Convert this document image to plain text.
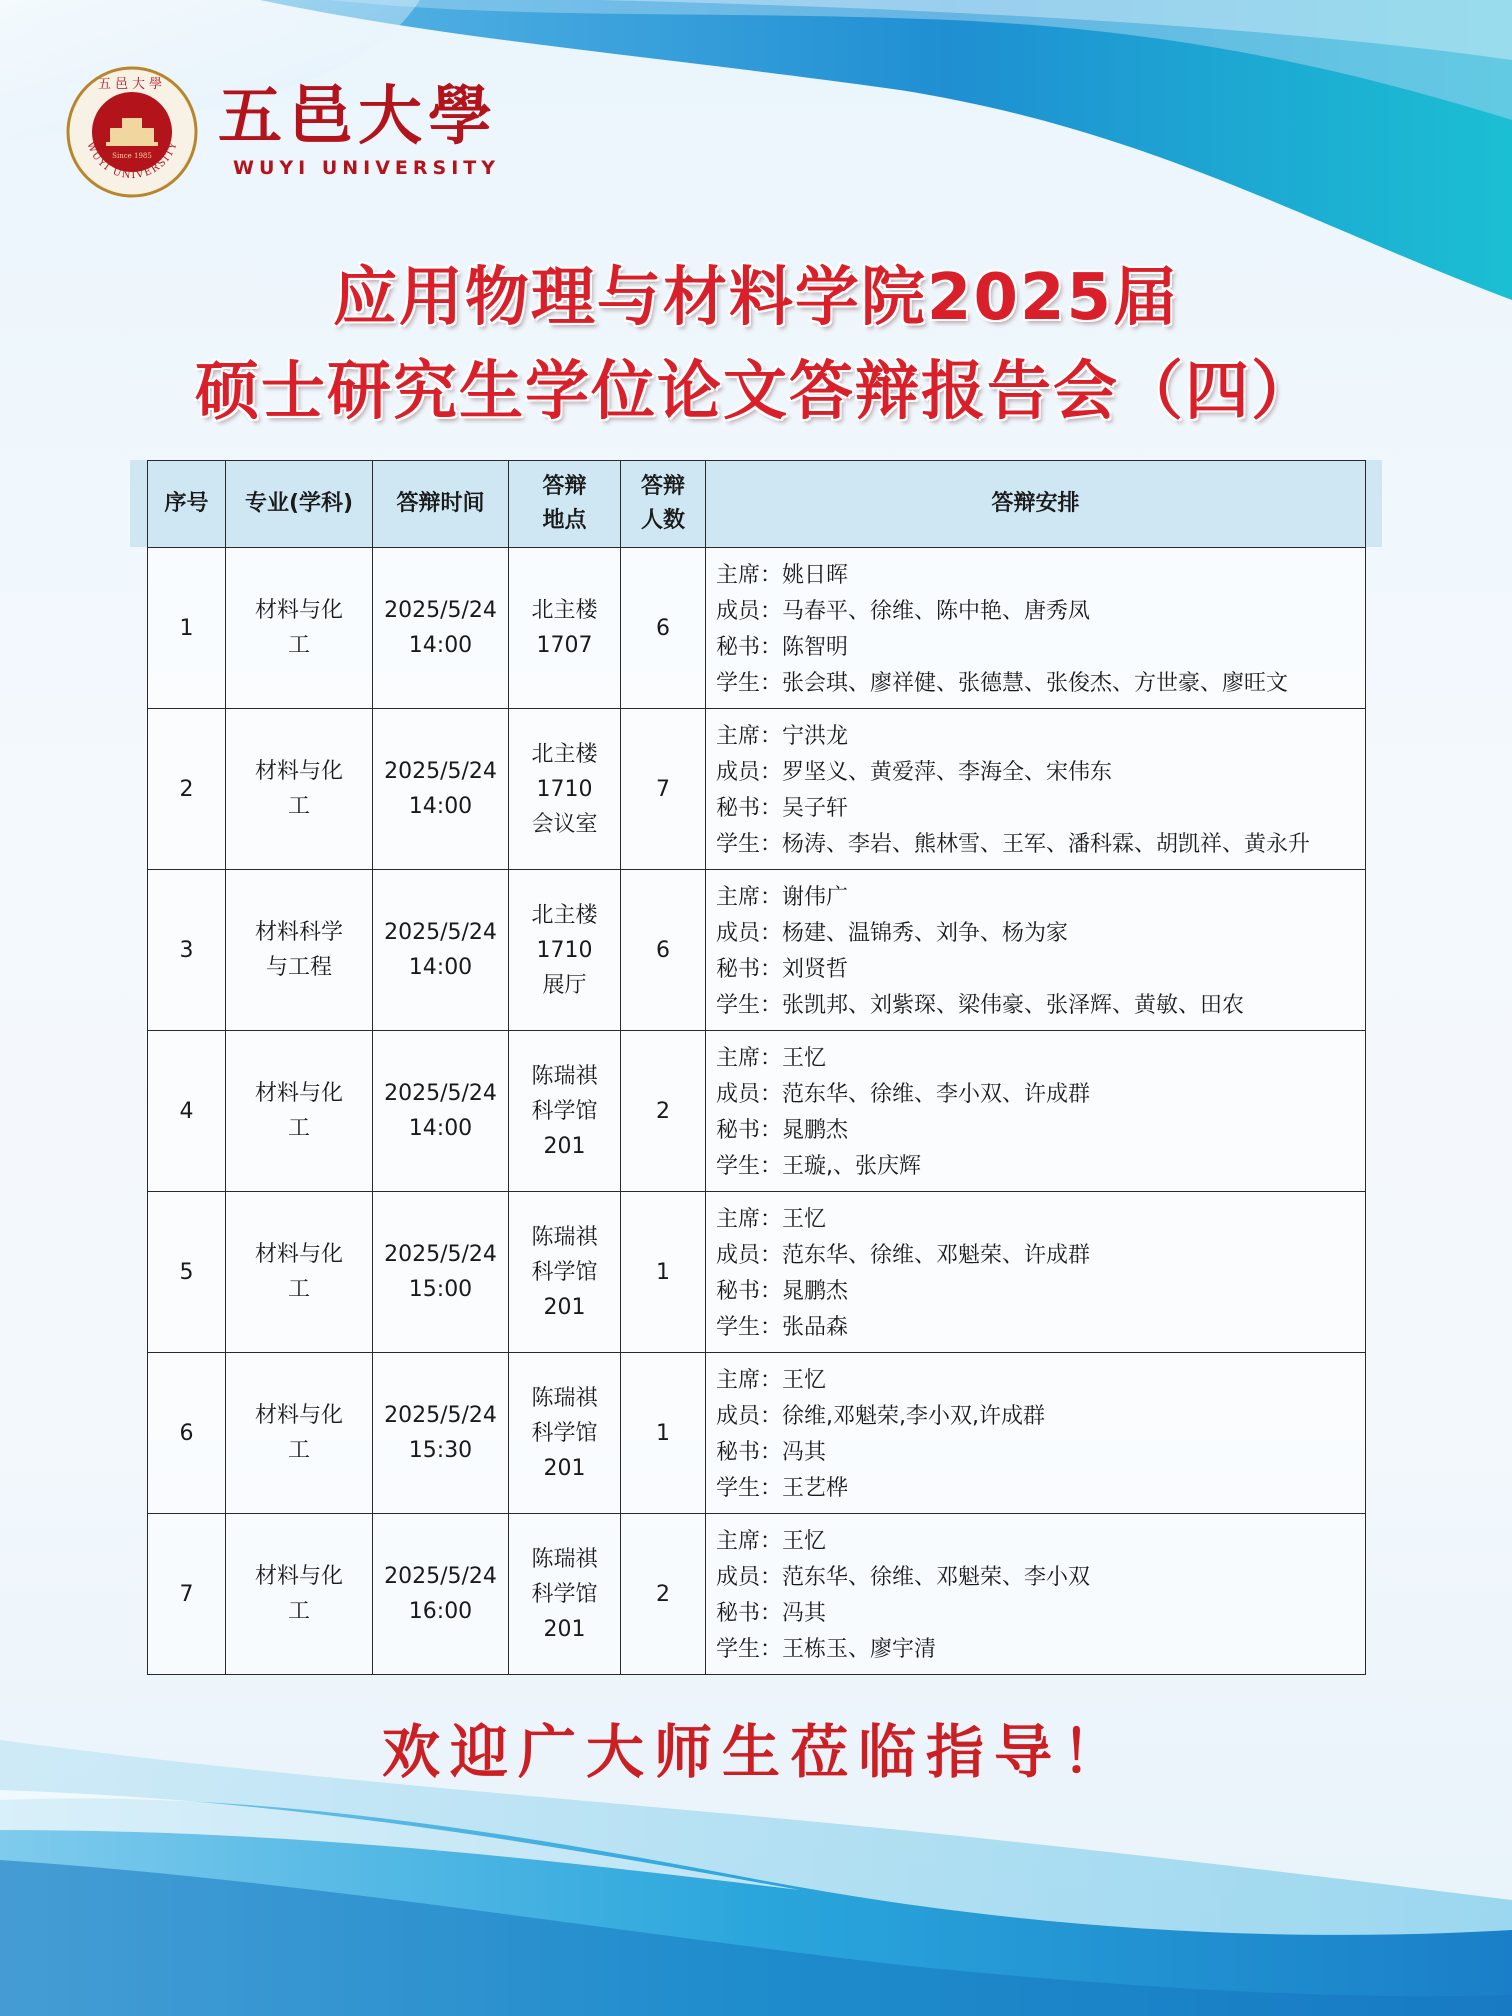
Since 1985
WUYI UNIVERSITY
五邑大學 五邑大學
WUYI UNIVERSITY
应用物理与材料学院2025届
硕士研究生学位论文答辩报告会（四）
序号	专业(学科)	答辩时间	答辩地点	答辩人数	答辩安排

1	材料与化工	2025/5/24 14:00	北主楼1707	6	主席：姚日晖
成员：马春平、徐维、陈中艳、唐秀凤
秘书：陈智明
学生：张会琪、廖祥健、张德慧、张俊杰、方世豪、廖旺文

2	材料与化工	2025/5/24 14:00	北主楼1710会议室	7	主席：宁洪龙
成员：罗坚义、黄爱萍、李海全、宋伟东
秘书：吴子轩
学生：杨涛、李岩、熊林雪、王军、潘科霖、胡凯祥、黄永升

3	材料科学与工程	2025/5/24 14:00	北主楼1710展厅	6	主席：谢伟广
成员：杨建、温锦秀、刘争、杨为家
秘书：刘贤哲
学生：张凯邦、刘紫琛、梁伟豪、张泽辉、黄敏、田农

4	材料与化工	2025/5/24 14:00	陈瑞祺科学馆201	2	主席：王忆
成员：范东华、徐维、李小双、许成群
秘书：晁鹏杰
学生：王璇,、张庆辉

5	材料与化工	2025/5/24 15:00	陈瑞祺科学馆201	1	主席：王忆
成员：范东华、徐维、邓魁荣、许成群
秘书：晁鹏杰
学生：张品森

6	材料与化工	2025/5/24 15:30	陈瑞祺科学馆201	1	主席：王忆
成员：徐维,邓魁荣,李小双,许成群
秘书：冯其
学生：王艺桦

7	材料与化工	2025/5/24 16:00	陈瑞祺科学馆201	2	主席：王忆
成员：范东华、徐维、邓魁荣、李小双
秘书：冯其
学生：王栋玉、廖宇清
欢迎广大师生莅临指导！
